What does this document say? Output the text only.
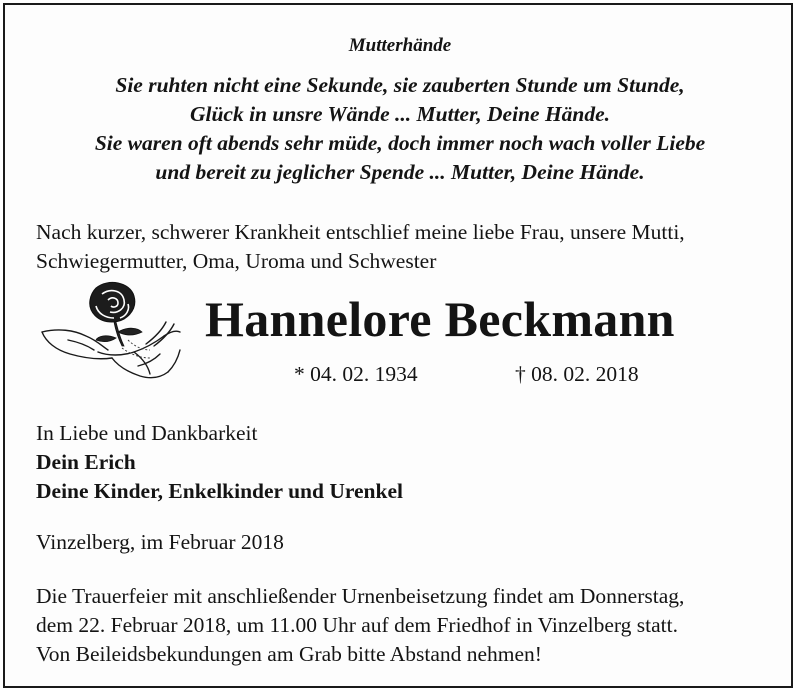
Mutterhände
Sie ruhten nicht eine Sekunde, sie zauberten Stunde um Stunde,
Glück in unsre Wände ... Mutter, Deine Hände.
Sie waren oft abends sehr müde, doch immer noch wach voller Liebe
und bereit zu jeglicher Spende ... Mutter, Deine Hände.
Nach kurzer, schwerer Krankheit entschlief meine liebe Frau, unsere Mutti,
Schwiegermutter, Oma, Uroma und Schwester
Hannelore Beckmann
* 04. 02. 1934	† 08. 02. 2018
In Liebe und Dankbarkeit
Dein Erich
Deine Kinder, Enkelkinder und Urenkel
Vinzelberg, im Februar 2018
Die Trauerfeier mit anschließender Urnenbeisetzung findet am Donnerstag,
dem 22. Februar 2018, um 11.00 Uhr auf dem Friedhof in Vinzelberg statt.
Von Beileidsbekundungen am Grab bitte Abstand nehmen!
